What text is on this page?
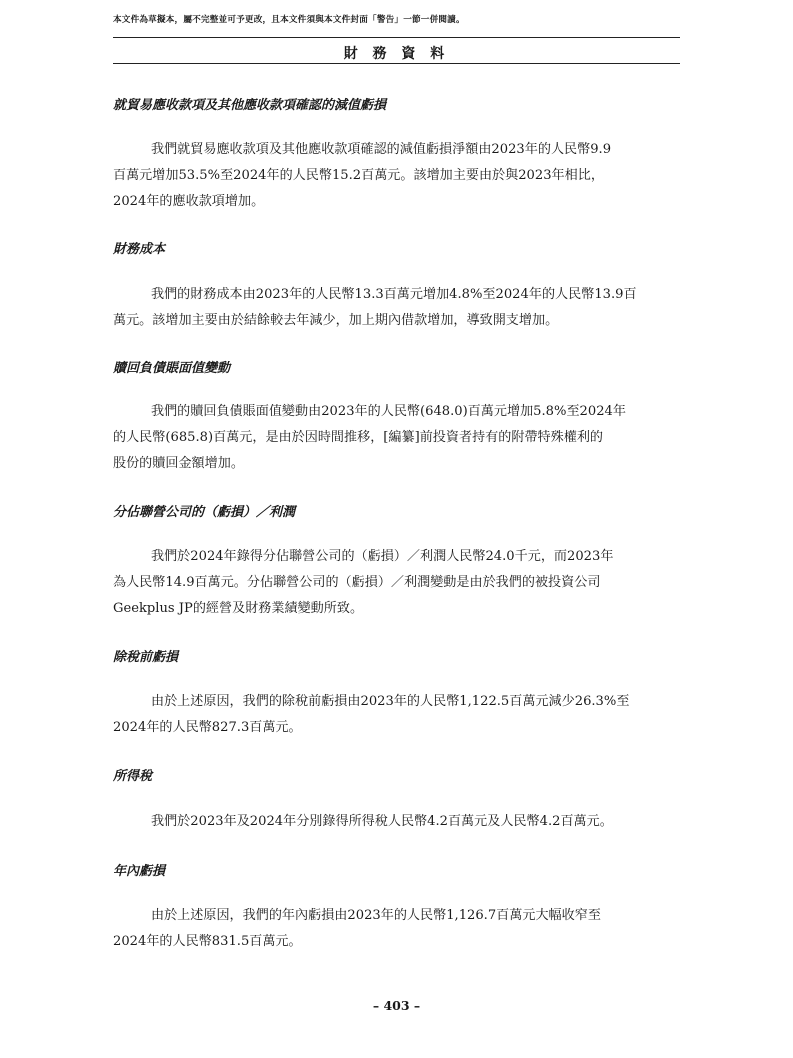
本文件為草擬本，屬不完整並可予更改，且本文件須與本文件封面「警告」一節一併閱讀。
財 務 資 料
就貿易應收款項及其他應收款項確認的減值虧損
我們就貿易應收款項及其他應收款項確認的減值虧損淨額由2023年的人民幣9.9
百萬元增加53.5%至2024年的人民幣15.2百萬元。該增加主要由於與2023年相比，
2024年的應收款項增加。
財務成本
我們的財務成本由2023年的人民幣13.3百萬元增加4.8%至2024年的人民幣13.9百
萬元。該增加主要由於結餘較去年減少，加上期內借款增加，導致開支增加。
贖回負債賬面值變動
我們的贖回負債賬面值變動由2023年的人民幣(648.0)百萬元增加5.8%至2024年
的人民幣(685.8)百萬元，是由於因時間推移，[編纂]前投資者持有的附帶特殊權利的
股份的贖回金額增加。
分佔聯營公司的（虧損）／利潤
我們於2024年錄得分佔聯營公司的（虧損）／利潤人民幣24.0千元，而2023年
為人民幣14.9百萬元。分佔聯營公司的（虧損）／利潤變動是由於我們的被投資公司
Geekplus JP的經營及財務業績變動所致。
除稅前虧損
由於上述原因，我們的除稅前虧損由2023年的人民幣1,122.5百萬元減少26.3%至
2024年的人民幣827.3百萬元。
所得稅
我們於2023年及2024年分別錄得所得稅人民幣4.2百萬元及人民幣4.2百萬元。
年內虧損
由於上述原因，我們的年內虧損由2023年的人民幣1,126.7百萬元大幅收窄至
2024年的人民幣831.5百萬元。
– 403 –
